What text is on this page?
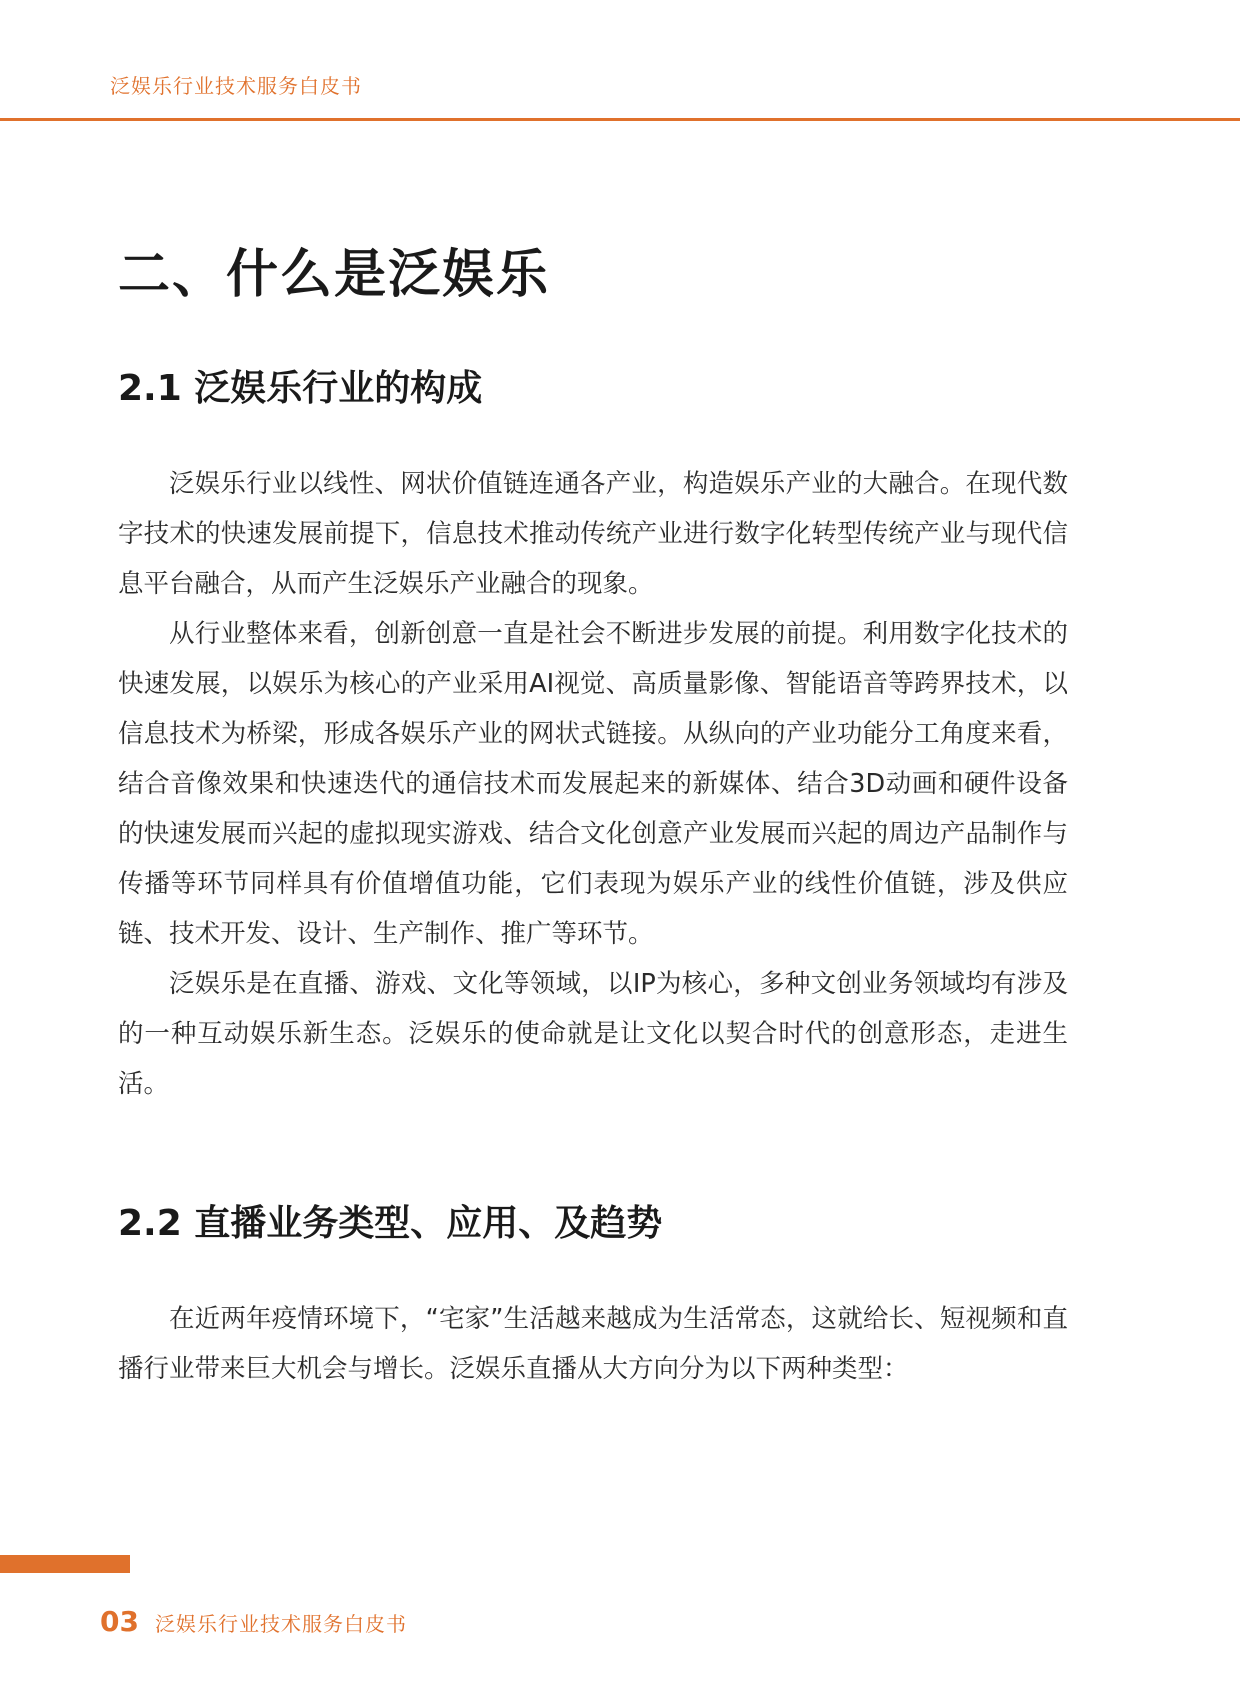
泛娱乐行业技术服务白皮书
二、什么是泛娱乐
2.1 泛娱乐行业的构成

泛娱乐行业以线性、网状价值链连通各产业，构造娱乐产业的大融合。在现代数字技术的快速发展前提下，信息技术推动传统产业进行数字化转型传统产业与现代信息平台融合，从而产生泛娱乐产业融合的现象。

从行业整体来看，创新创意一直是社会不断进步发展的前提。利用数字化技术的快速发展，以娱乐为核心的产业采用AI视觉、高质量影像、智能语音等跨界技术，以信息技术为桥梁，形成各娱乐产业的网状式链接。从纵向的产业功能分工角度来看，结合音像效果和快速迭代的通信技术而发展起来的新媒体、结合3D动画和硬件设备的快速发展而兴起的虚拟现实游戏、结合文化创意产业发展而兴起的周边产品制作与传播等环节同样具有价值增值功能，它们表现为娱乐产业的线性价值链，涉及供应链、技术开发、设计、生产制作、推广等环节。

泛娱乐是在直播、游戏、文化等领域，以IP为核心，多种文创业务领域均有涉及的一种互动娱乐新生态。泛娱乐的使命就是让文化以契合时代的创意形态，走进生活。

2.2 直播业务类型、应用、及趋势

在近两年疫情环境下，“宅家”生活越来越成为生活常态，这就给长、短视频和直播行业带来巨大机会与增长。泛娱乐直播从大方向分为以下两种类型：

03 泛娱乐行业技术服务白皮书
